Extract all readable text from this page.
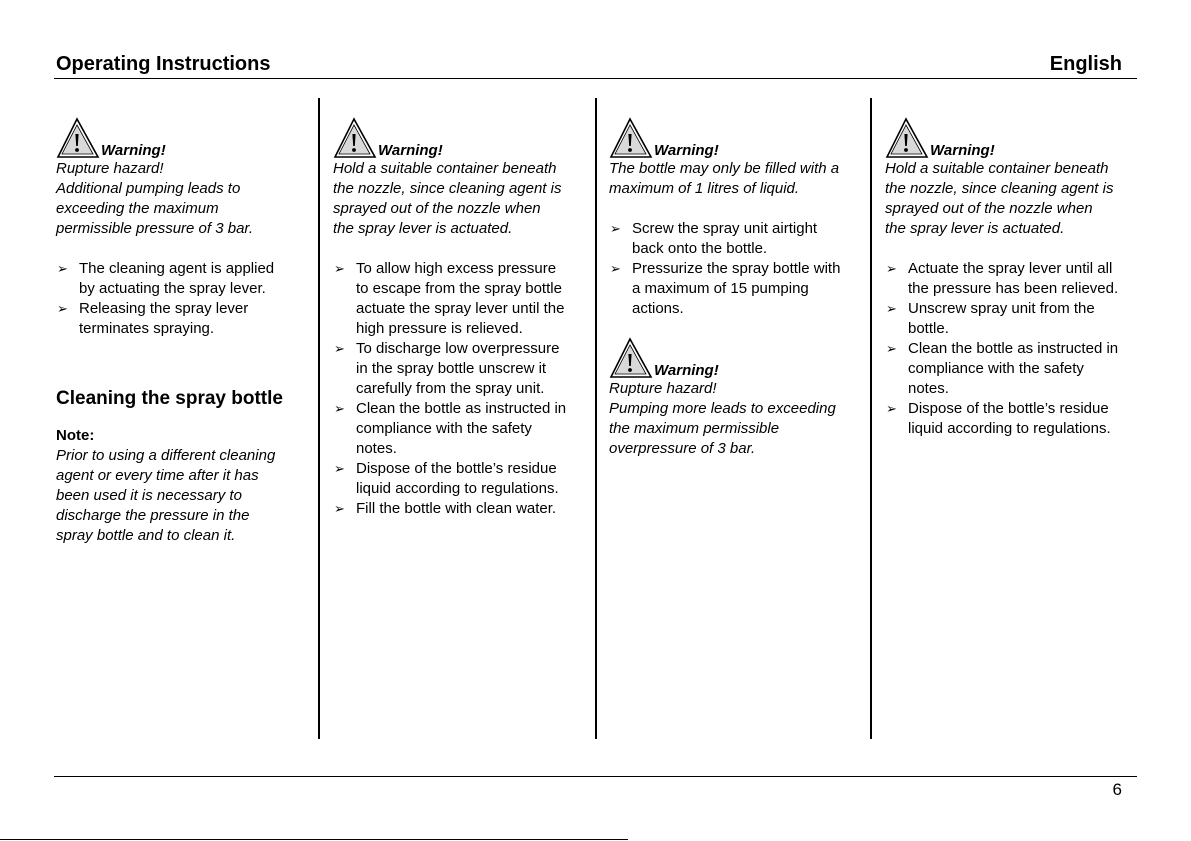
Operating Instructions	English
Warning!
Rupture hazard!
Additional pumping leads to
exceeding the maximum
permissible pressure of 3 bar.
➢ The cleaning agent is applied
by actuating the spray lever.
➢ Releasing the spray lever
terminates spraying.
Cleaning the spray bottle
Note:
Prior to using a different cleaning
agent or every time after it has
been used it is necessary to
discharge the pressure in the
spray bottle and to clean it.
Warning!
Hold a suitable container beneath
the nozzle, since cleaning agent is
sprayed out of the nozzle when
the spray lever is actuated.
➢ To allow high excess pressure
to escape from the spray bottle
actuate the spray lever until the
high pressure is relieved.
➢ To discharge low overpressure
in the spray bottle unscrew it
carefully from the spray unit.
➢ Clean the bottle as instructed in
compliance with the safety
notes.
➢ Dispose of the bottle’s residue
liquid according to regulations.
➢ Fill the bottle with clean water.
Warning!
The bottle may only be filled with a
maximum of 1 litres of liquid.
➢ Screw the spray unit airtight
back onto the bottle.
➢ Pressurize the spray bottle with
a maximum of 15 pumping
actions.
Warning!
Rupture hazard!
Pumping more leads to exceeding
the maximum permissible
overpressure of 3 bar.
Warning!
Hold a suitable container beneath
the nozzle, since cleaning agent is
sprayed out of the nozzle when
the spray lever is actuated.
➢ Actuate the spray lever until all
the pressure has been relieved.
➢ Unscrew spray unit from the
bottle.
➢ Clean the bottle as instructed in
compliance with the safety
notes.
➢ Dispose of the bottle’s residue
liquid according to regulations.
6
